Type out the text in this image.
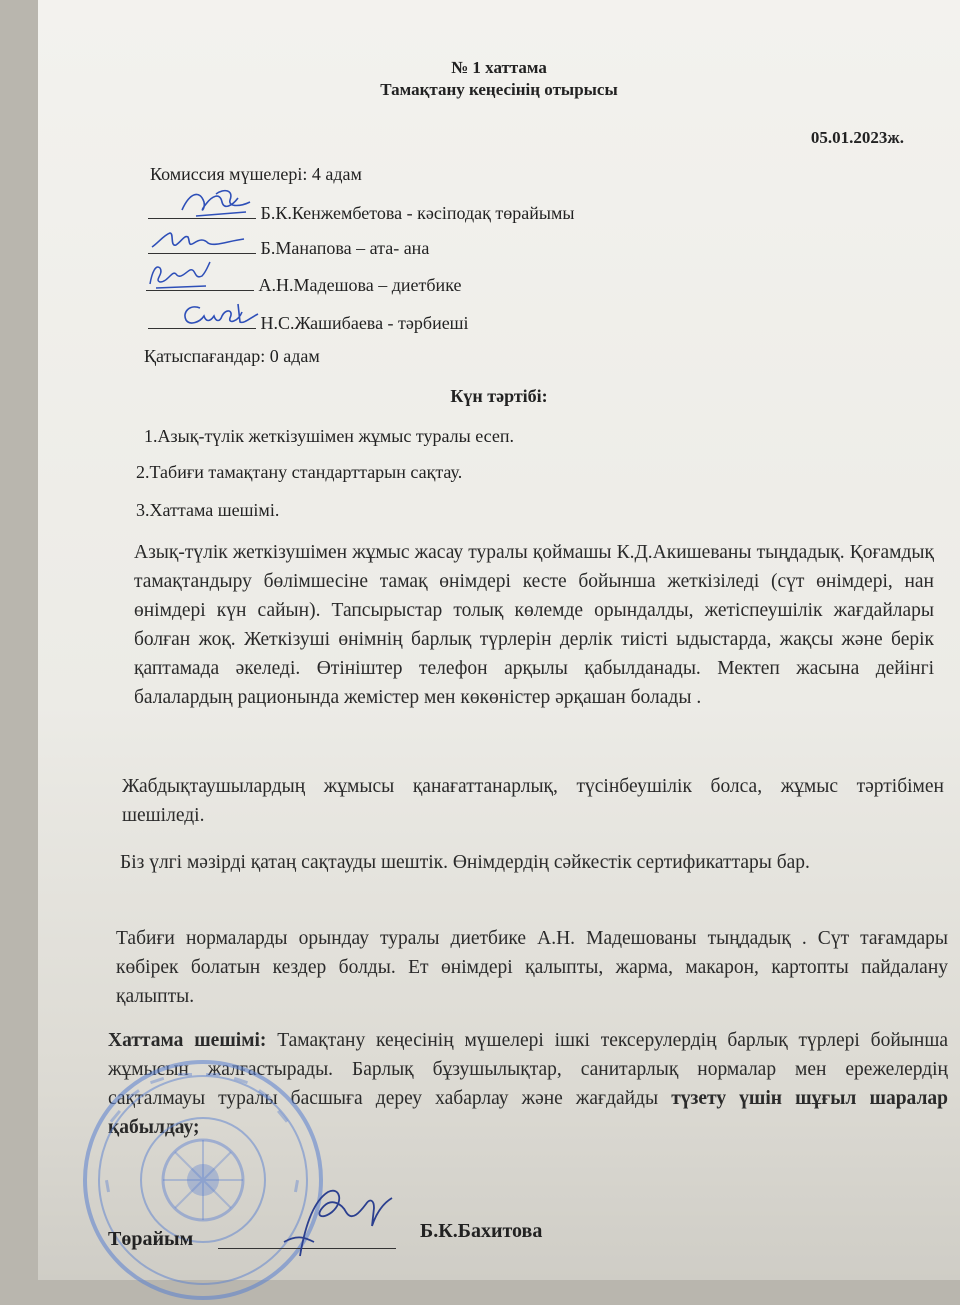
№ 1 хаттама
Тамақтану кеңесінің отырысы
05.01.2023ж.
Комиссия мүшелері: 4 адам
Б.К.Кенжембетова - кәсіподақ төрайымы
Б.Манапова – ата- ана
А.Н.Мадешова – диетбике
Н.С.Жашибаева - тәрбиеші
Қатыспағандар: 0 адам
Күн тәртібі:
1.Азық-түлік жеткізушімен жұмыс туралы есеп.
2.Табиғи тамақтану стандарттарын сақтау.
3.Хаттама шешімі.
Азық-түлік жеткізушімен жұмыс жасау туралы қоймашы К.Д.Акишеваны тыңдадық. Қоғамдық тамақтандыру бөлімшесіне тамақ өнімдері кесте бойынша жеткізіледі (сүт өнімдері, нан өнімдері күн сайын). Тапсырыстар толық көлемде орындалды, жетіспеушілік жағдайлары болған жоқ. Жеткізуші өнімнің барлық түрлерін дерлік тиісті ыдыстарда, жақсы және берік қаптамада әкеледі. Өтініштер телефон арқылы қабылданады. Мектеп жасына дейінгі балалардың рационында жемістер мен көкөністер әрқашан болады .
Жабдықтаушылардың жұмысы қанағаттанарлық, түсінбеушілік болса, жұмыс тәртібімен шешіледі.
Біз үлгі мәзірді қатаң сақтауды шештік. Өнімдердің сәйкестік сертификаттары бар.
Табиғи нормаларды орындау туралы диетбике А.Н. Мадешованы тыңдадық . Сүт тағамдары көбірек болатын кездер болды. Ет өнімдері қалыпты, жарма, макарон, картопты пайдалану қалыпты.
Хаттама шешімі: Тамақтану кеңесінің мүшелері ішкі тексерулердің барлық түрлері бойынша жұмысын жалғастырады. Барлық бұзушылықтар, санитарлық нормалар мен ережелердің сақталмауы туралы басшыға дереу хабарлау және жағдайды түзету үшін шұғыл шаралар қабылдау;
Төрайым	Б.К.Бахитова
